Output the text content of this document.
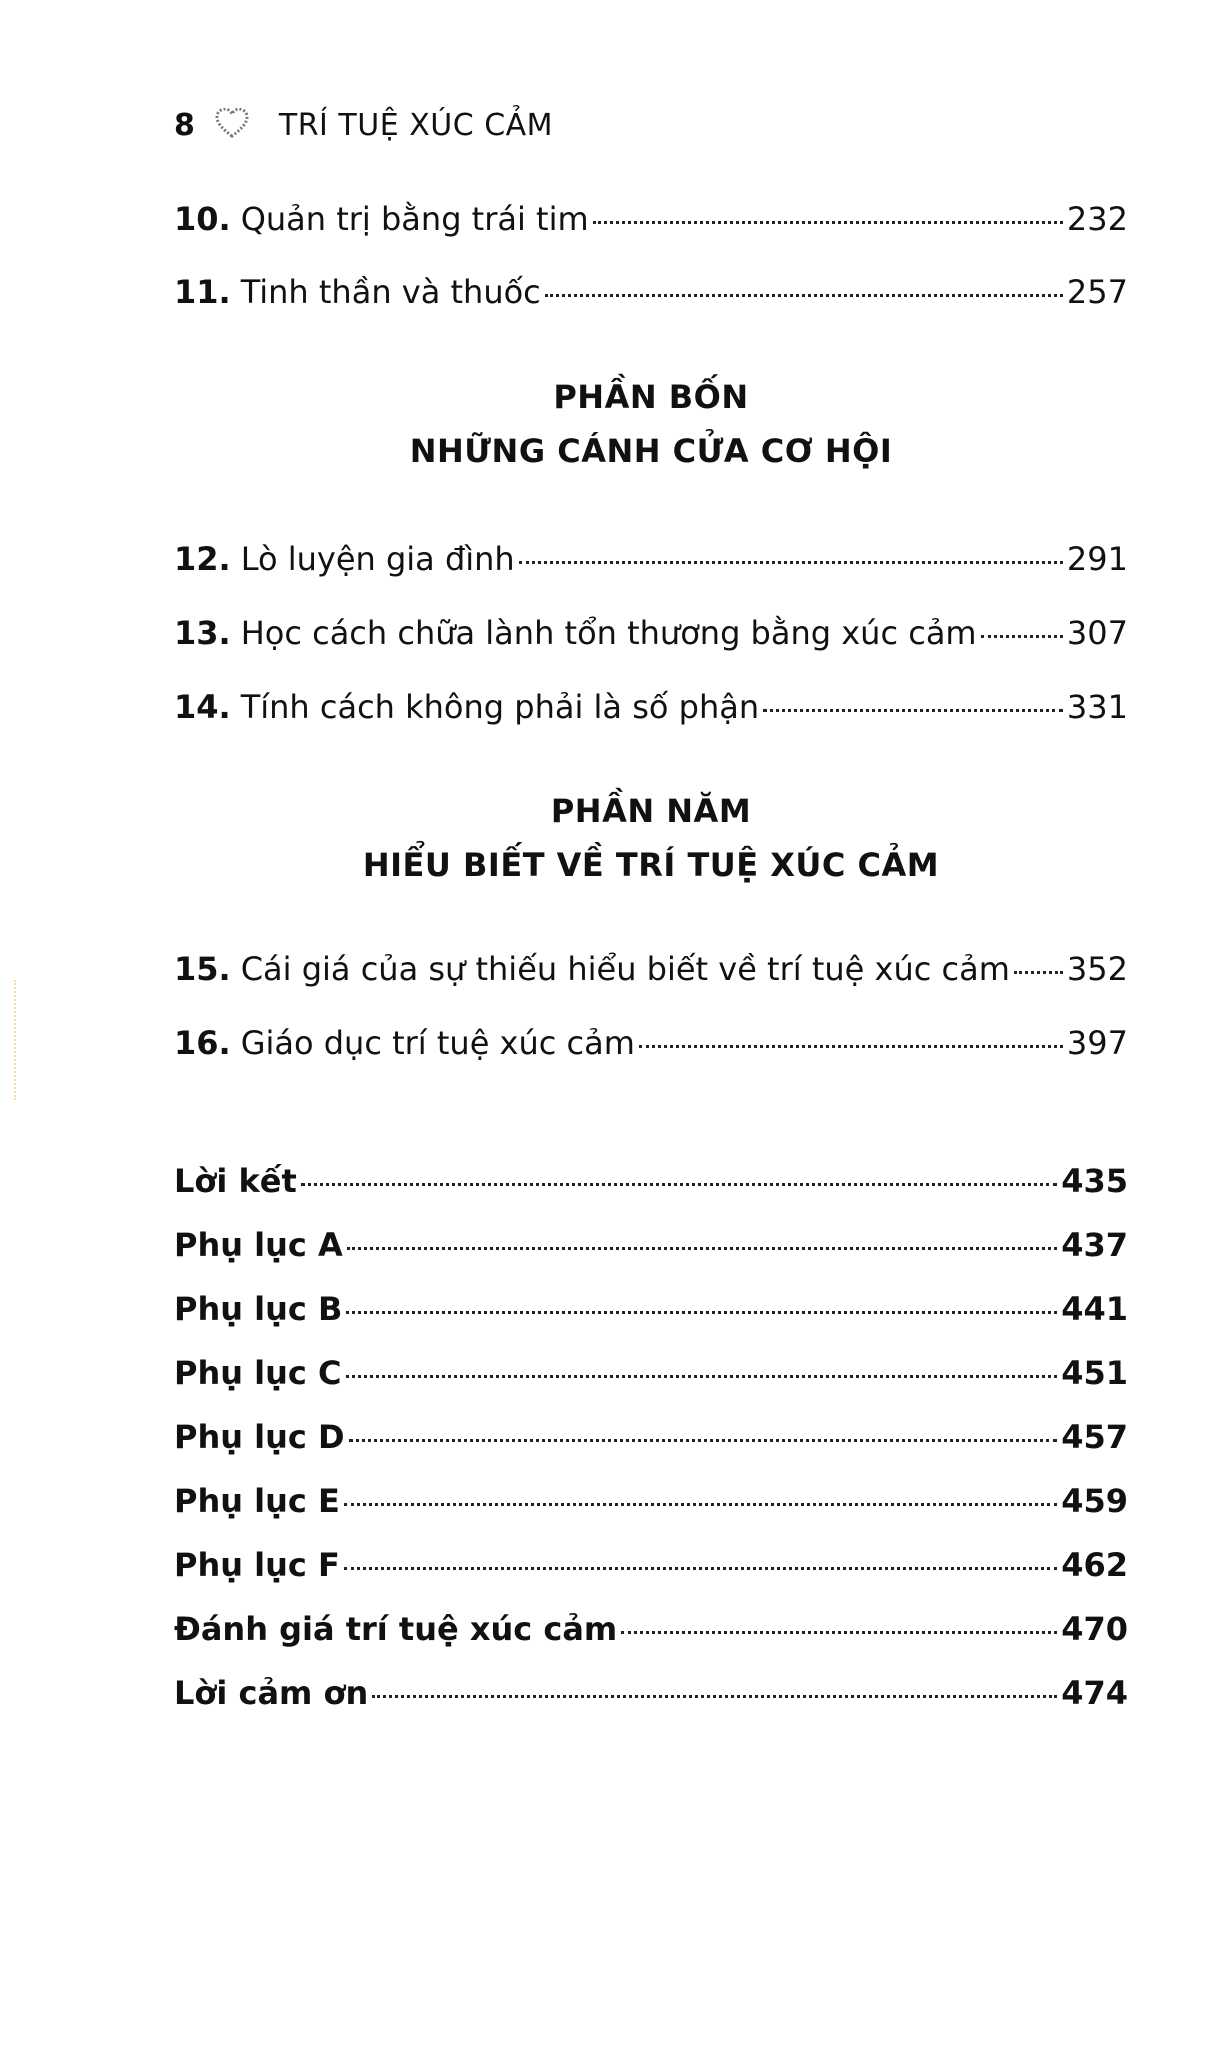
8	TRÍ TUỆ XÚC CẢM
10. Quản trị bằng trái tim	232
11. Tinh thần và thuốc	257
PHẦN BỐN
NHỮNG CÁNH CỬA CƠ HỘI
12. Lò luyện gia đình	291
13. Học cách chữa lành tổn thương bằng xúc cảm	307
14. Tính cách không phải là số phận	331
PHẦN NĂM
HIỂU BIẾT VỀ TRÍ TUỆ XÚC CẢM
15. Cái giá của sự thiếu hiểu biết về trí tuệ xúc cảm 352
16. Giáo dục trí tuệ xúc cảm	397
Lời kết	435
Phụ lục A	437
Phụ lục B	441
Phụ lục C	451
Phụ lục D	457
Phụ lục E	459
Phụ lục F	462
Đánh giá trí tuệ xúc cảm	470
Lời cảm ơn	474
